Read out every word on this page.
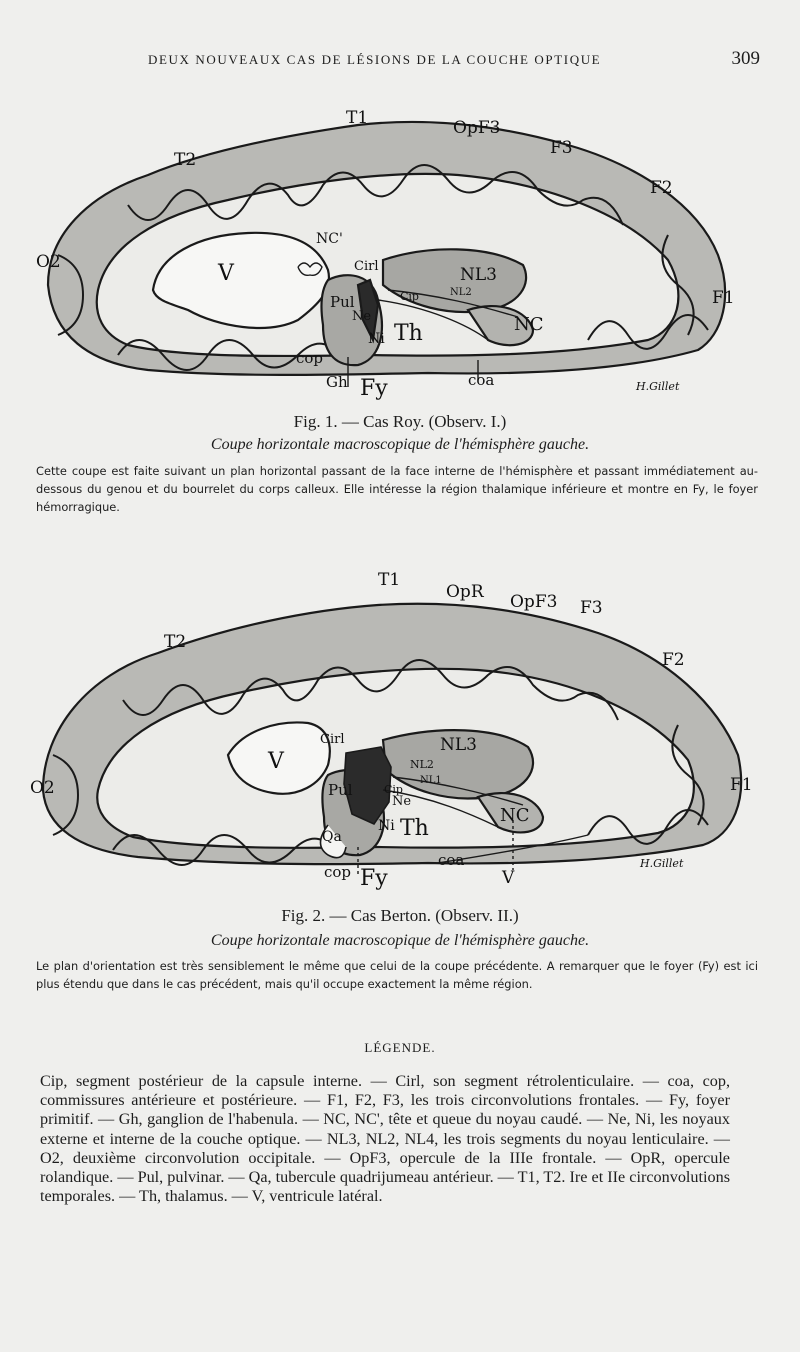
DEUX NOUVEAUX CAS DE LÉSIONS DE LA COUCHE OPTIQUE	309
T1
T2
OpF3
F3
F2
F1
O2	V
NC'
Cirl	NL3
NL2
Cip
Pul
Ne
Ni Th	NC
cop
Gh Fy	coa	H.Gillet
Fig. 1. — Cas Roy. (Observ. I.)
Coupe horizontale macroscopique de l'hémisphère gauche.
Cette coupe est faite suivant un plan horizontal passant de la face interne de l'hémisphère et passant immédiatement au-dessous du genou et du bourrelet du corps calleux. Elle intéresse la région thalamique inférieure et montre en Fy, le foyer hémorragique.
T1
T2
OpR OpF3 F3
F2
F1
O2
V
Cirl	NL3
NL2
NL1
Cip
Pul
Ne
Ni Th
NC
Qa
cop Fy
coa
V
H.Gillet
Fig. 2. — Cas Berton. (Observ. II.)
Coupe horizontale macroscopique de l'hémisphère gauche.
Le plan d'orientation est très sensiblement le même que celui de la coupe précédente. A remarquer que le foyer (Fy) est ici plus étendu que dans le cas précédent, mais qu'il occupe exactement la même région.
LÉGENDE.
Cip, segment postérieur de la capsule interne. — Cirl, son segment rétrolenticulaire. — coa, cop, commissures antérieure et postérieure. — F1, F2, F3, les trois circonvolutions frontales. — Fy, foyer primitif. — Gh, ganglion de l'habenula. — NC, NC', tête et queue du noyau caudé. — Ne, Ni, les noyaux externe et interne de la couche optique. — NL3, NL2, NL4, les trois segments du noyau lenticulaire. — O2, deuxième circonvolution occipitale. — OpF3, opercule de la IIIe frontale. — OpR, opercule rolandique. — Pul, pulvinar. — Qa, tubercule quadrijumeau antérieur. — T1, T2. Ire et IIe circonvolutions temporales. — Th, thalamus. — V, ventricule latéral.
